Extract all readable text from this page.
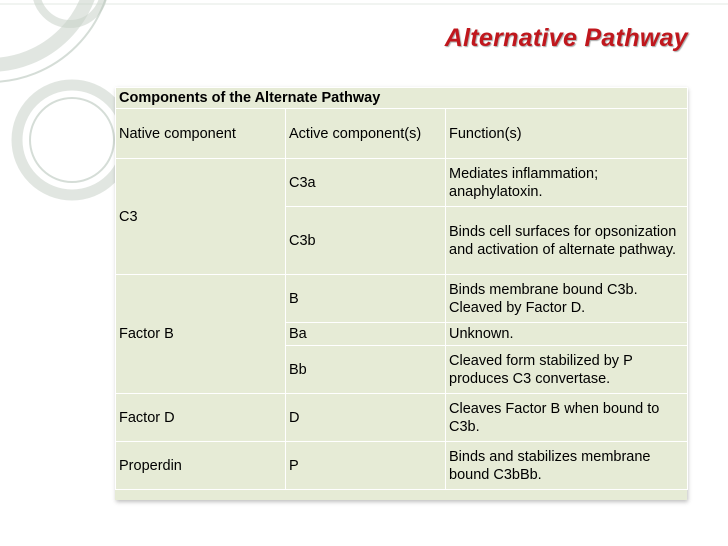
Alternative Pathway
Components of the Alternate Pathway		
Native component	Active component(s)	Function(s)
C3	C3a	Mediates inflammation; anaphylatoxin.
	C3b	Binds cell surfaces for opsonization and activation of alternate pathway.
Factor B	B	Binds membrane bound C3b. Cleaved by Factor D.
	Ba	Unknown.
	Bb	Cleaved form stabilized by P produces C3 convertase.
Factor D	D	Cleaves Factor B when bound to C3b.
Properdin	P	Binds and stabilizes membrane bound C3bBb.
